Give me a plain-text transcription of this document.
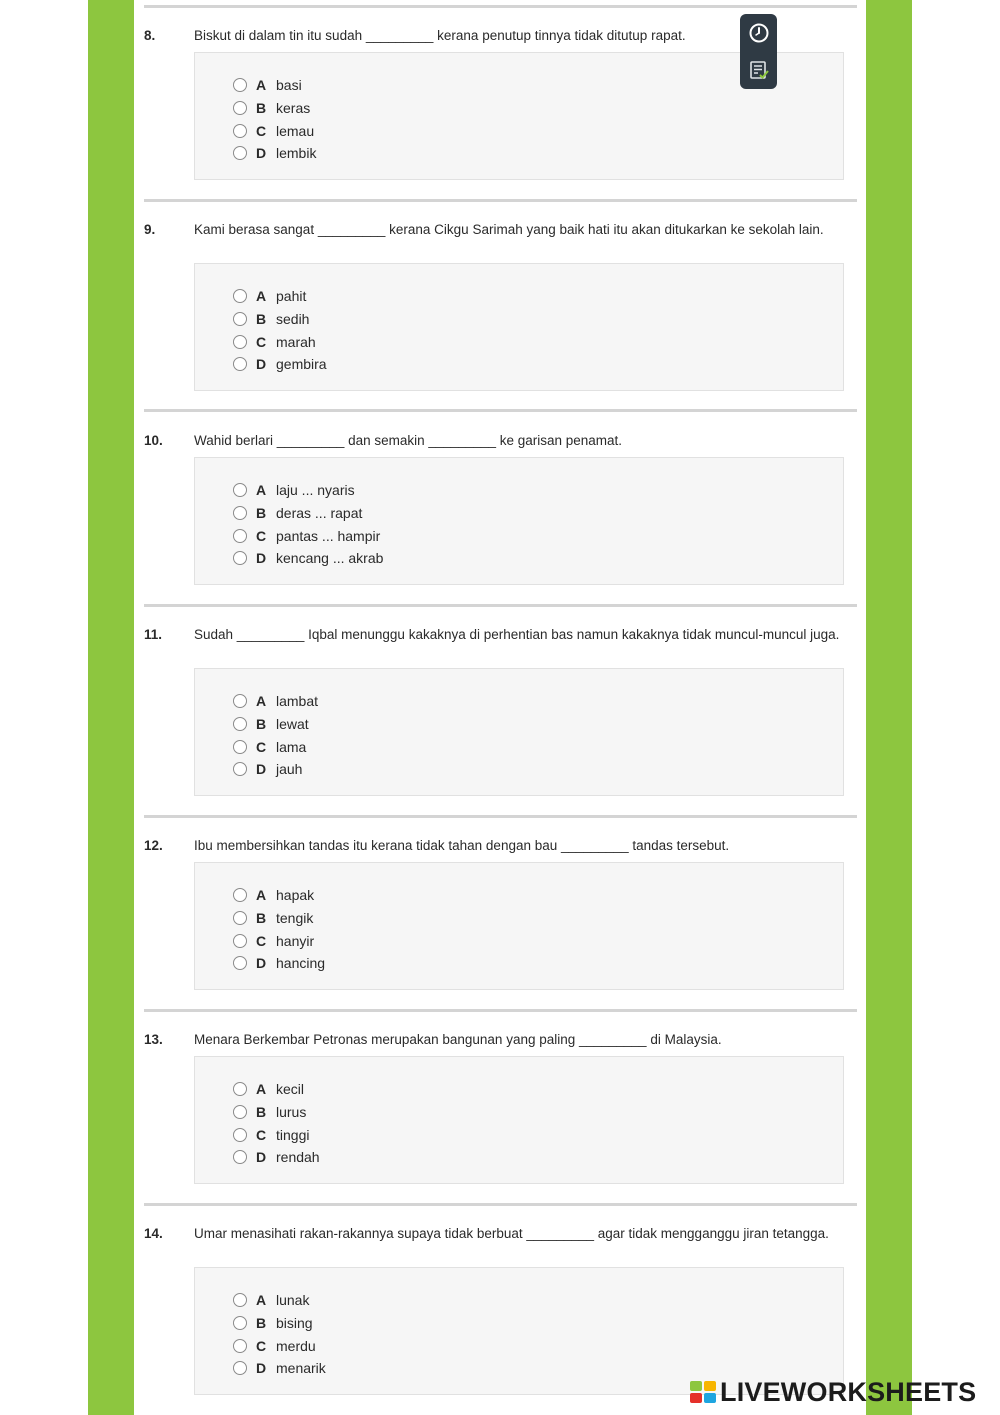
8.	Biskut di dalam tin itu sudah _________ kerana penutup tinnya tidak ditutup rapat.
A basi
B keras
C lemau
D lembik
9.	Kami berasa sangat _________ kerana Cikgu Sarimah yang baik hati itu akan ditukarkan ke sekolah lain.
A pahit
B sedih
C marah
D gembira
10. Wahid berlari _________ dan semakin _________ ke garisan penamat.
A laju ... nyaris
B deras ... rapat
C pantas ... hampir
D kencang ... akrab
11. Sudah _________ Iqbal menunggu kakaknya di perhentian bas namun kakaknya tidak muncul-muncul juga.
A lambat
B lewat
C lama
D jauh
12. Ibu membersihkan tandas itu kerana tidak tahan dengan bau _________ tandas tersebut.
A hapak
B tengik
C hanyir
D hancing
13. Menara Berkembar Petronas merupakan bangunan yang paling _________ di Malaysia.
A kecil
B lurus
C tinggi
D rendah
14. Umar menasihati rakan-rakannya supaya tidak berbuat _________ agar tidak mengganggu jiran tetangga.
A lunak
B bising
C merdu
D menarik
LIVEWORKSHEETS
